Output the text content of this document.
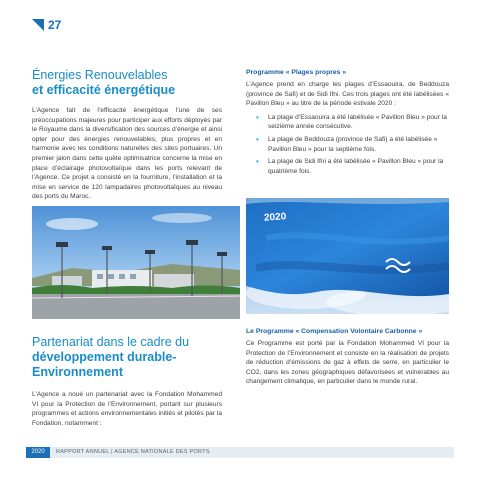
27
Énergies Renouvelables
et efficacité énergétique

L’Agence fait de l’efficacité énergétique l’une de ses préoccupations majeures pour participer aux efforts déployés par le Royaume dans la diversification des sources d’énergie et ainsi opter pour des énergies renouvelables, plus propres et en harmonie avec les conditions naturelles des sites portuaires. Un premier jalon dans cette quête optimisatrice concerne la mise en place d’éclairage photovoltaïque dans les ports relevant de l’Agence. Ce projet a consisté en la fourniture, l’installation et la mise en service de 120 lampadaires photovoltaïques au niveau des ports du Maroc.

Partenariat dans le cadre du
développement durable-Environnement

L’Agence a noué un partenariat avec la Fondation Mohammed VI pour la Protection de l’Environnement, portant sur plusieurs programmes et actions environnementales initiés et pilotés par la Fondation, notamment :

Programme « Plages propres »

L’Agence prend en charge les plages d’Essaouira, de Beddouza (province de Safi) et de Sidi Ifni. Ces trois plages ont été labélisées « Pavillon Bleu » au titre de la période estivale 2020 :

• La plage d’Essaouira a été labélisée « Pavillon Bleu » pour la seizième année consécutive.
• La plage de Beddouza (province de Safi) a été labélisée « Pavillon Bleu » pour la septième fois.
• La plage de Sidi Ifni a été labélisée « Pavillon Bleu » pour la quatrième fois.
2020
Le Programme « Compensation Volontaire Carbonne »

Ce Programme est porté par la Fondation Mohammed VI pour la Protection de l’Environnement et consiste en la réalisation de projets de réduction d’émissions de gaz à effets de serre, en particulier le CO2, dans les zones géographiques défavorisées et vulnérables au changement climatique, en particulier dans le monde rural.

2020	RAPPORT ANNUEL | AGENCE NATIONALE DES PORTS
